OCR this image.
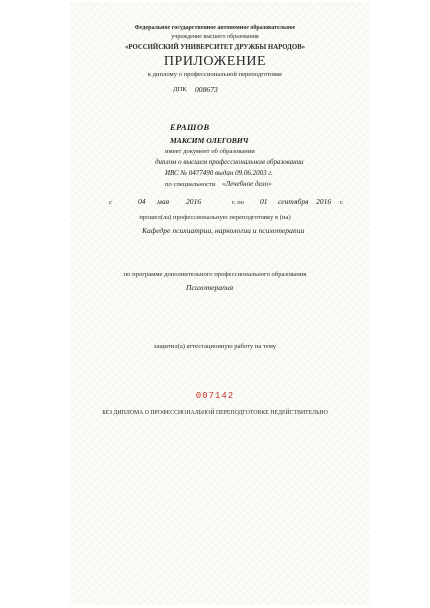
Федеральное государственное автономное образовательное
учреждение высшего образования
«РОССИЙСКИЙ УНИВЕРСИТЕТ ДРУЖБЫ НАРОДОВ»
ПРИЛОЖЕНИЕ
к диплому о профессиональной переподготовке
ДПК 008673
ЕРАШОВ
МАКСИМ ОЛЕГОВИЧ
имеет документ об образовании
диплом о высшем профессиональном образовании
ИВС № 0477490 выдан 09.06.2003 г.
по специальности «Лечебное дело»
с	04 мая 2016	г. по 01 сентября 2016 г.
прошел(ла) профессиональную переподготовку в (на)
Кафедре психиатрии, наркологии и психотерапии
по программе дополнительного профессионального образования
Психотерапия
защитил(а) аттестационную работу на тему
007142
БЕЗ ДИПЛОМА О ПРОФЕССИОНАЛЬНОЙ ПЕРЕПОДГОТОВКЕ НЕДЕЙСТВИТЕЛЬНО
